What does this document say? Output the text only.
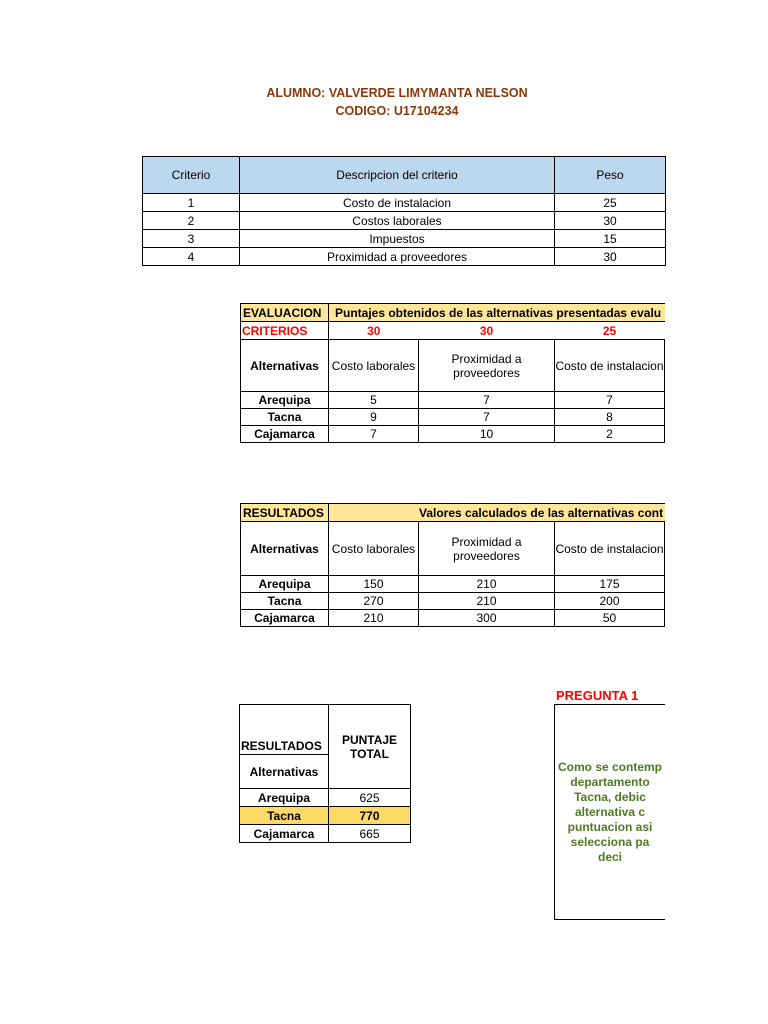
ALUMNO: VALVERDE LIMYMANTA NELSON
CODIGO: U17104234
Criterio	Descripcion del criterio	Peso
1	Costo de instalacion	25
2	Costos laborales	30
3	Impuestos	15
4	Proximidad a proveedores	30
EVALUACION	Puntajes obtenidos de las alternativas presentadas evalu			
CRITERIOS	30	30	25	
Alternativas	Costo laborales	Proximidad a proveedores	Costo de instalacion	
Arequipa	5	7	7	
Tacna	9	7	8	
Cajamarca	7	10	2	
RESULTADOS	Valores calculados de las alternativas cont			
Alternativas	Costo laborales	Proximidad a proveedores	Costo de instalacion	
Arequipa	150	210	175	
Tacna	270	210	200	
Cajamarca	210	300	50	
RESULTADOS	PUNTAJE TOTAL
Alternativas	
Arequipa	625
Tacna	770
Cajamarca	665
PREGUNTA 1
Como se contemp
departamento
Tacna, debic
alternativa c
puntuacion asi
selecciona pa
deci
